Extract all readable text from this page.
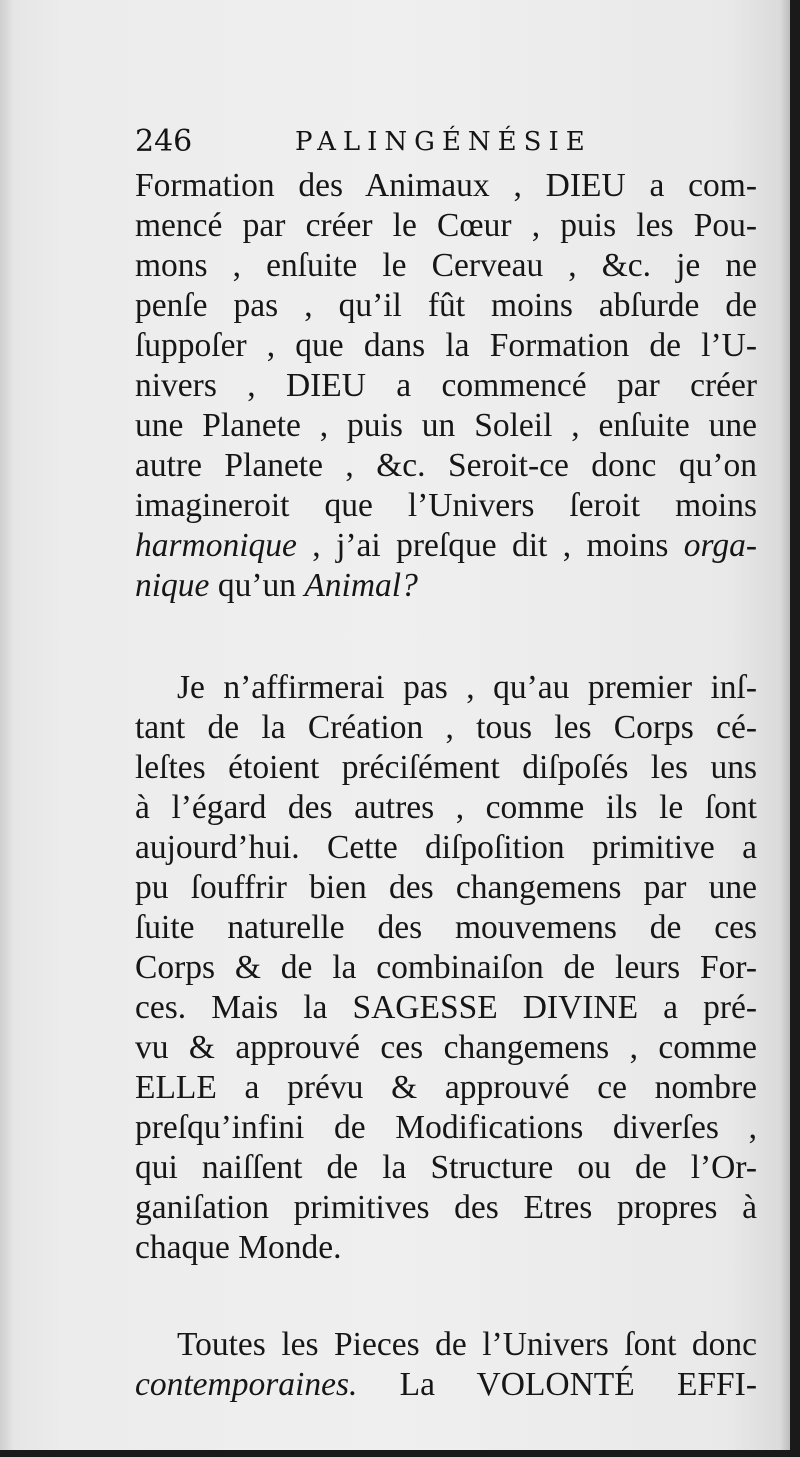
246	PALINGÉNÉSIE
Formation des Animaux , DIEU a com-
mencé par créer le Cœur , puis les Pou-
mons , enſuite le Cerveau , &c. je ne
penſe pas , qu’il fût moins abſurde de
ſuppoſer , que dans la Formation de l’U-
nivers , DIEU a commencé par créer
une Planete , puis un Soleil , enſuite une
autre Planete , &c. Seroit-ce donc qu’on
imagineroit que l’Univers ſeroit moins
harmonique , j’ai preſque dit , moins orga-
nique qu’un Animal?
Je n’affirmerai pas , qu’au premier inſ-
tant de la Création , tous les Corps cé-
leſtes étoient préciſément diſpoſés les uns
à l’égard des autres , comme ils le ſont
aujourd’hui. Cette diſpoſition primitive a
pu ſouffrir bien des changemens par une
ſuite naturelle des mouvemens de ces
Corps & de la combinaiſon de leurs For-
ces. Mais la SAGESSE DIVINE a pré-
vu & approuvé ces changemens , comme
ELLE a prévu & approuvé ce nombre
preſqu’infini de Modifications diverſes ,
qui naiſſent de la Structure ou de l’Or-
ganiſation primitives des Etres propres à
chaque Monde.
Toutes les Pieces de l’Univers ſont donc
contemporaines. La VOLONTÉ EFFI-
